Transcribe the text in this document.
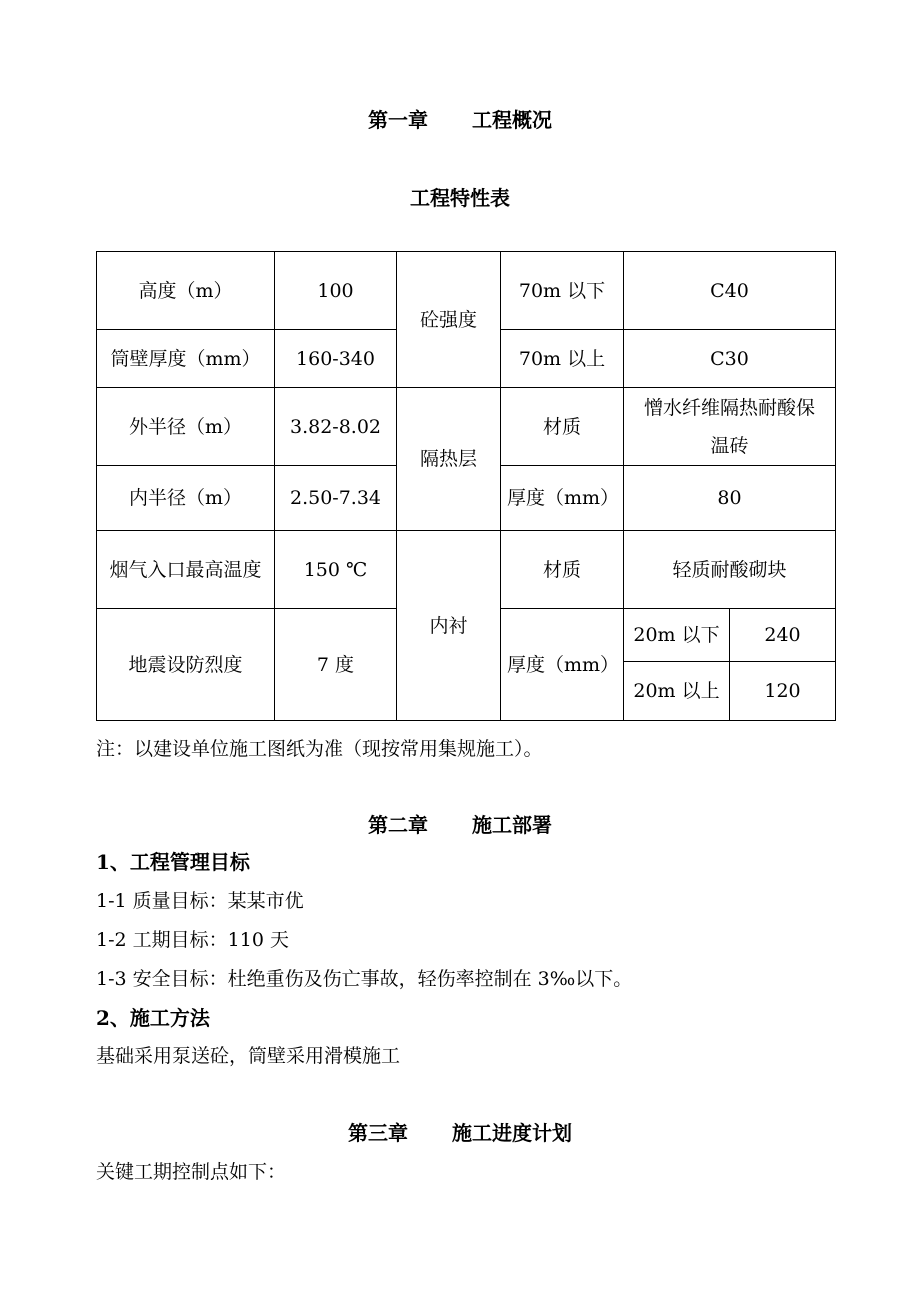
第一章 工程概况
工程特性表
高度（m）	100	砼强度	70m 以下	C40	
筒壁厚度（mm）	160-340		70m 以上	C30	
外半径（m）	3.82-8.02	隔热层	材质	憎水纤维隔热耐酸保温砖	
内半径（m）	2.50-7.34		厚度（mm）	80	
烟气入口最高温度	150 ℃	内衬	材质	轻质耐酸砌块	
地震设防烈度	7 度		厚度（mm）	20m 以下	240
				20m 以上	120
注：以建设单位施工图纸为准（现按常用集规施工）。
第二章 施工部署
1、工程管理目标
1-1 质量目标：某某市优
1-2 工期目标：110 天
1-3 安全目标：杜绝重伤及伤亡事故，轻伤率控制在 3‰以下。
2、施工方法
基础采用泵送砼，筒壁采用滑模施工
第三章 施工进度计划
关键工期控制点如下：
